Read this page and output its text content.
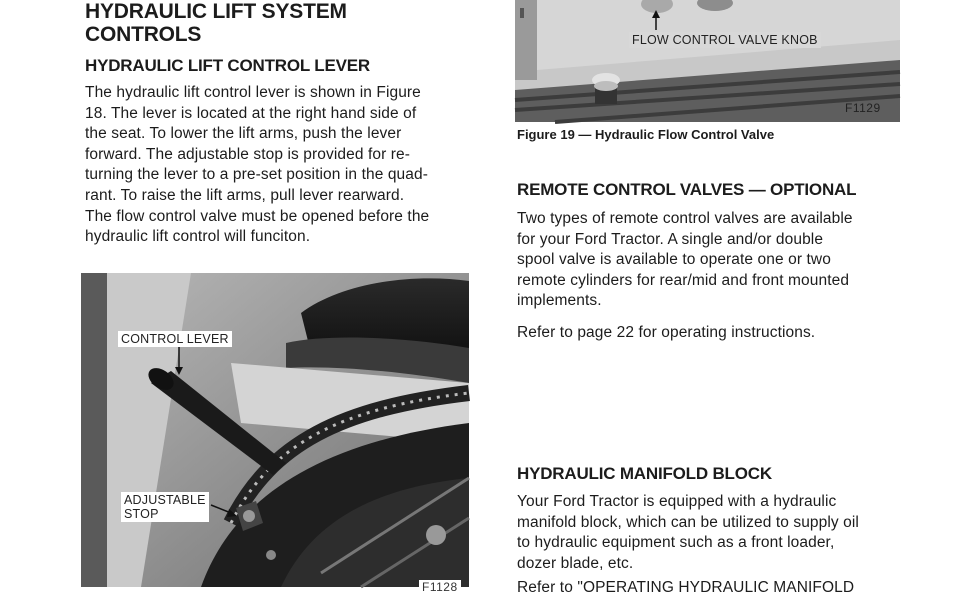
HYDRAULIC LIFT SYSTEM
CONTROLS
HYDRAULIC LIFT CONTROL LEVER
The hydraulic lift control lever is shown in Figure
18. The lever is located at the right hand side of
the seat. To lower the lift arms, push the lever
forward. The adjustable stop is provided for re-
turning the lever to a pre-set position in the quad-
rant. To raise the lift arms, pull lever rearward.
The flow control valve must be opened before the
hydraulic lift control will funciton.
CONTROL LEVER
ADJUSTABLE
STOP
F1128
FLOW CONTROL VALVE KNOB
F1129
Figure 19 — Hydraulic Flow Control Valve
REMOTE CONTROL VALVES — OPTIONAL
Two types of remote control valves are available
for your Ford Tractor. A single and/or double
spool valve is available to operate one or two
remote cylinders for rear/mid and front mounted
implements.
Refer to page 22 for operating instructions.
HYDRAULIC MANIFOLD BLOCK
Your Ford Tractor is equipped with a hydraulic
manifold block, which can be utilized to supply oil
to hydraulic equipment such as a front loader,
dozer blade, etc.
Refer to "OPERATING HYDRAULIC MANIFOLD
